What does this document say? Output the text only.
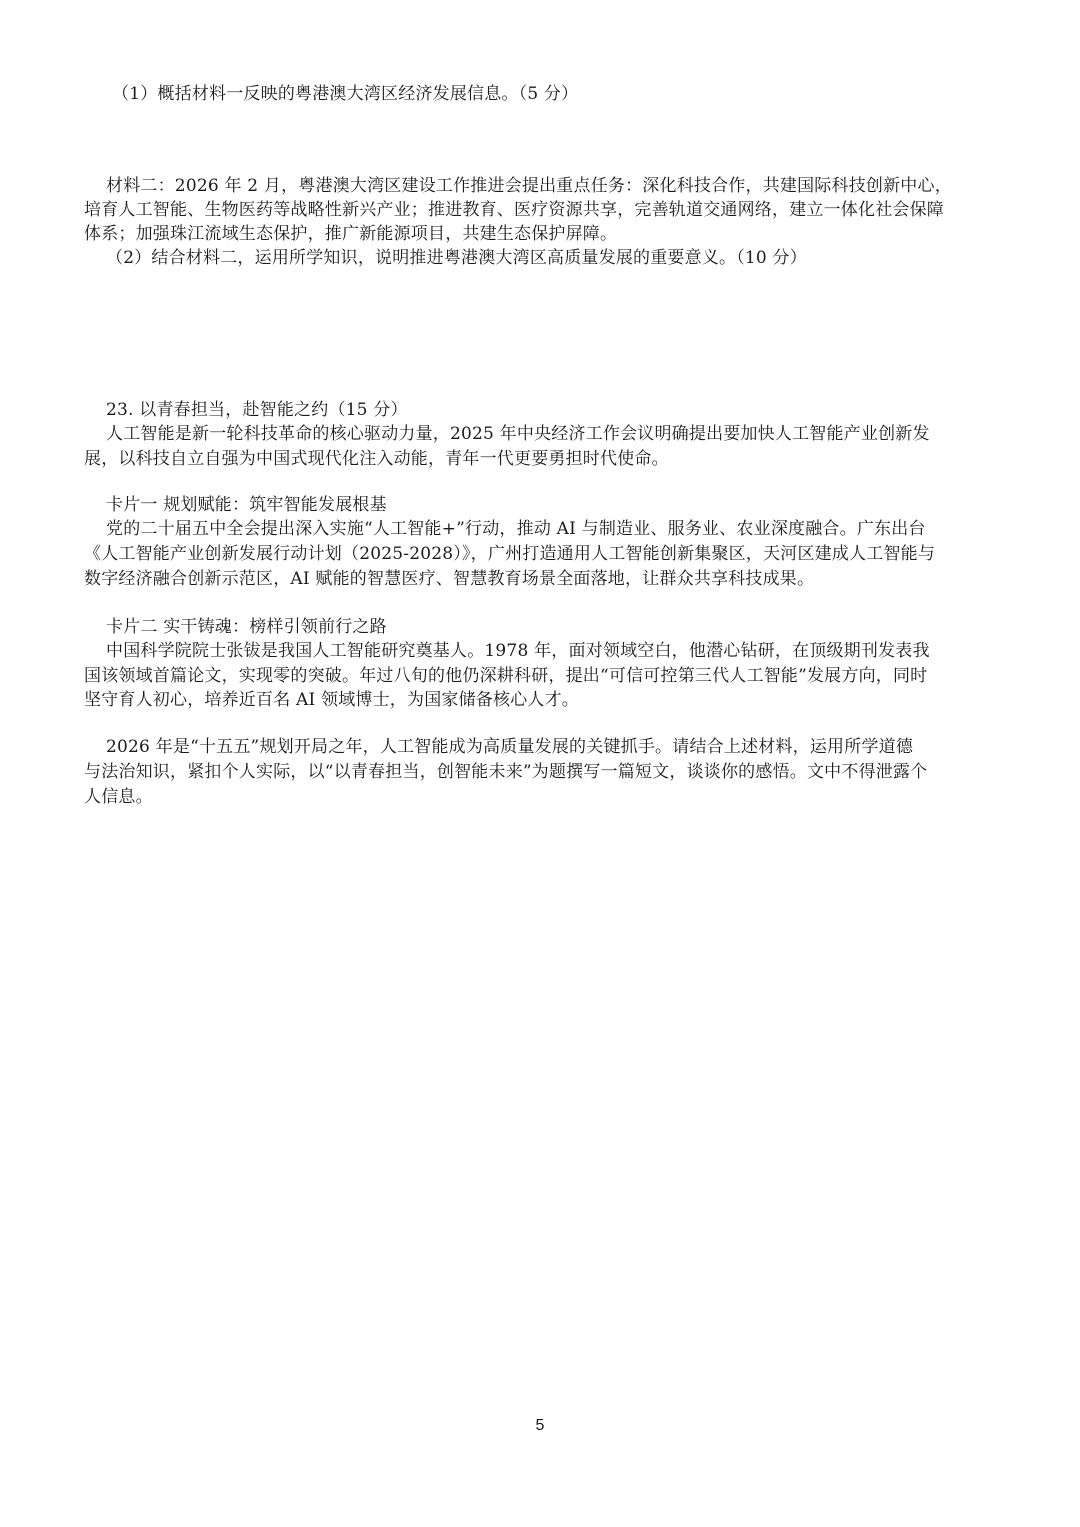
（1）概括材料一反映的粤港澳大湾区经济发展信息。（5 分）
材料二：2026 年 2 月，粤港澳大湾区建设工作推进会提出重点任务：深化科技合作，共建国际科技创新中心，
培育人工智能、生物医药等战略性新兴产业；推进教育、医疗资源共享，完善轨道交通网络，建立一体化社会保障
体系；加强珠江流域生态保护，推广新能源项目，共建生态保护屏障。
（2）结合材料二，运用所学知识，说明推进粤港澳大湾区高质量发展的重要意义。（10 分）
23. 以青春担当，赴智能之约（15 分）
人工智能是新一轮科技革命的核心驱动力量，2025 年中央经济工作会议明确提出要加快人工智能产业创新发
展，以科技自立自强为中国式现代化注入动能，青年一代更要勇担时代使命。
卡片一 规划赋能：筑牢智能发展根基
党的二十届五中全会提出深入实施“人工智能+”行动，推动 AI 与制造业、服务业、农业深度融合。广东出台
《人工智能产业创新发展行动计划（2025-2028）》，广州打造通用人工智能创新集聚区，天河区建成人工智能与
数字经济融合创新示范区，AI 赋能的智慧医疗、智慧教育场景全面落地，让群众共享科技成果。
卡片二 实干铸魂：榜样引领前行之路
中国科学院院士张钹是我国人工智能研究奠基人。1978 年，面对领域空白，他潜心钻研，在顶级期刊发表我
国该领域首篇论文，实现零的突破。年过八旬的他仍深耕科研，提出“可信可控第三代人工智能”发展方向，同时
坚守育人初心，培养近百名 AI 领域博士，为国家储备核心人才。
2026 年是“十五五”规划开局之年，人工智能成为高质量发展的关键抓手。请结合上述材料，运用所学道德
与法治知识，紧扣个人实际，以“以青春担当，创智能未来”为题撰写一篇短文，谈谈你的感悟。文中不得泄露个
人信息。
5
